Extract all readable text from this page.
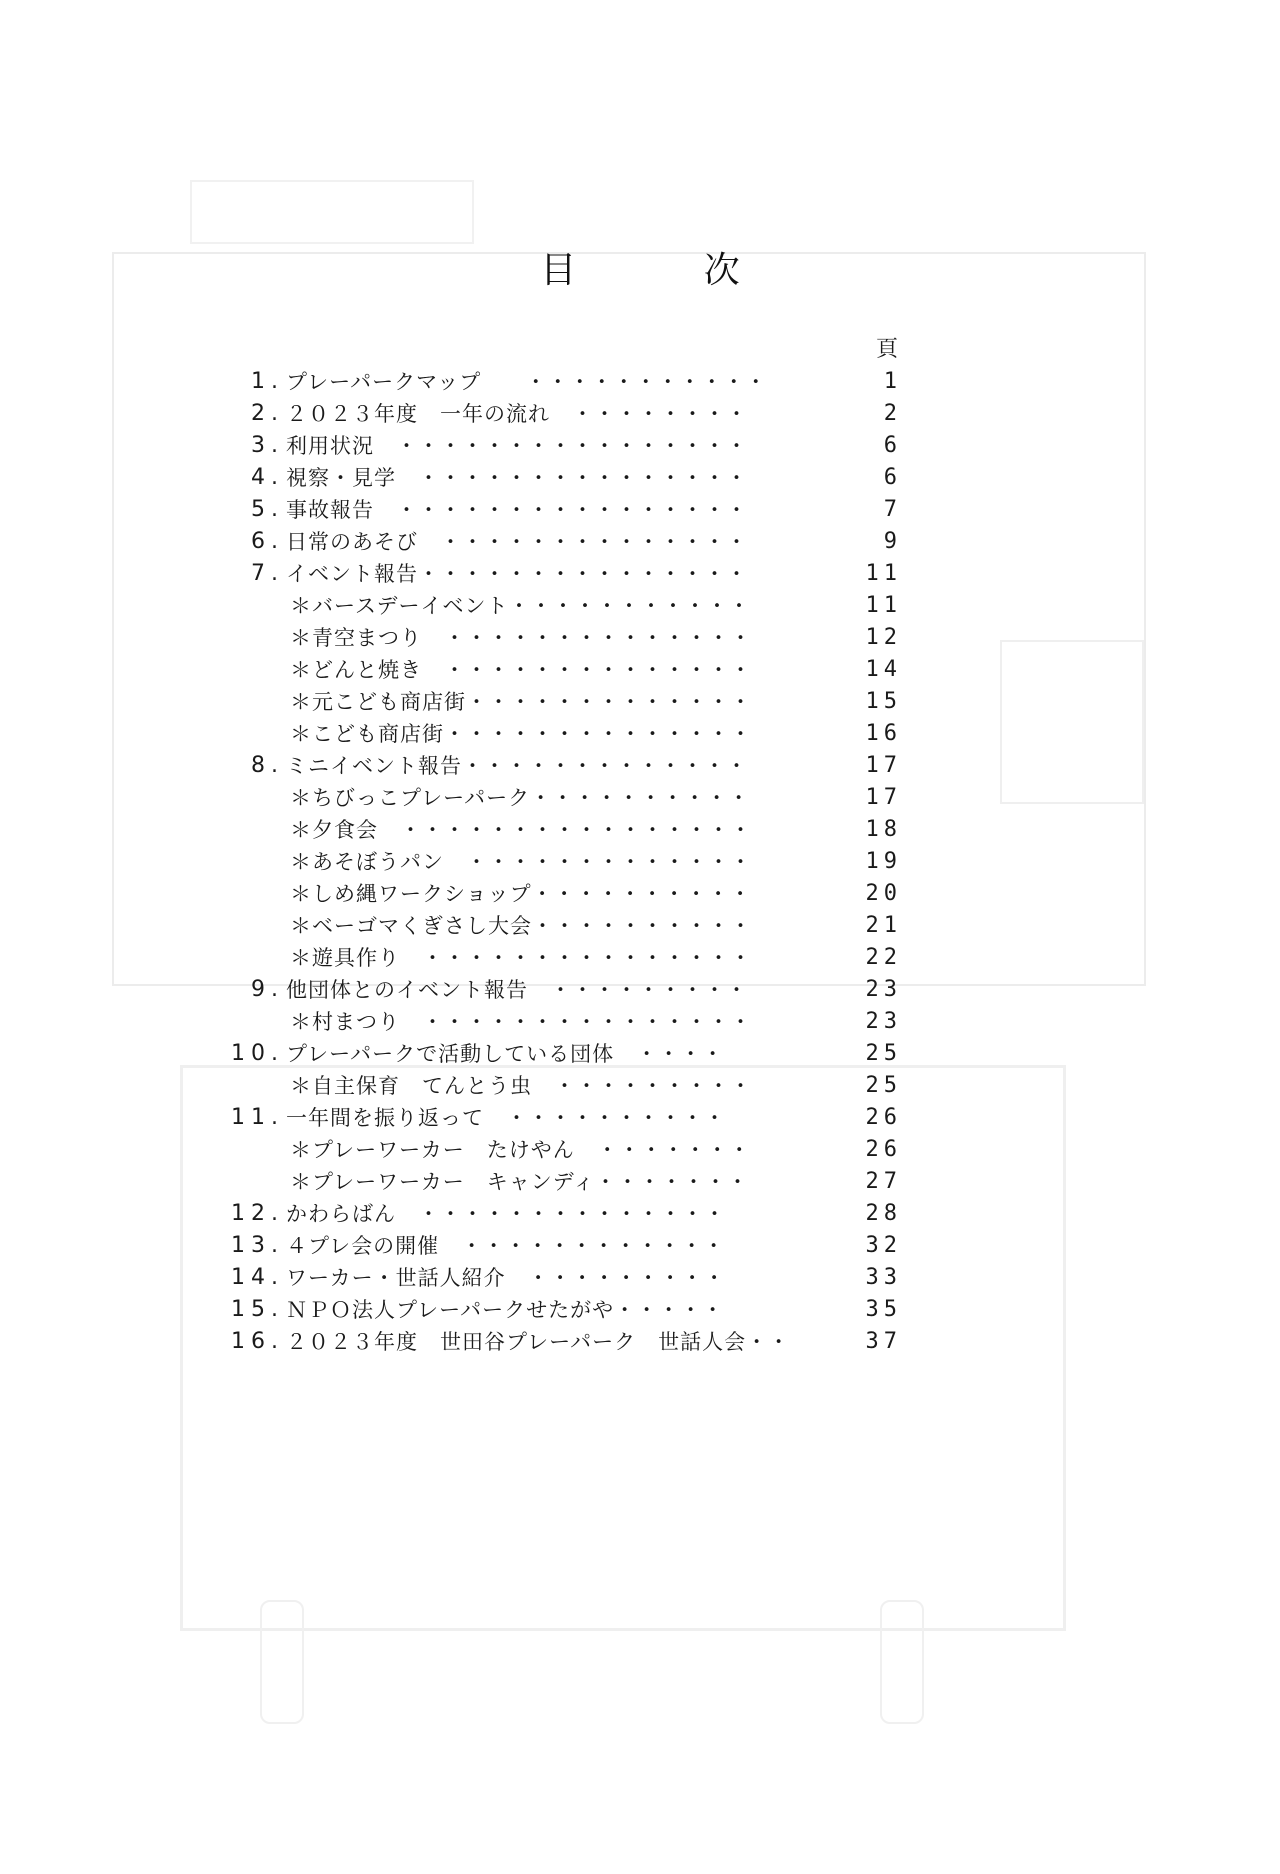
目 次
頁
1. プレーパークマップ　　・・・・・・・・・・・	1
2. ２０２３年度　一年の流れ　・・・・・・・・	2
3. 利用状況　・・・・・・・・・・・・・・・・	6
4. 視察・見学　・・・・・・・・・・・・・・・	6
5. 事故報告　・・・・・・・・・・・・・・・・	7
6. 日常のあそび　・・・・・・・・・・・・・・	9
7. イベント報告・・・・・・・・・・・・・・・	11
＊バースデーイベント・・・・・・・・・・・	11
＊青空まつり　・・・・・・・・・・・・・・	12
＊どんと焼き　・・・・・・・・・・・・・・	14
＊元こども商店街・・・・・・・・・・・・・	15
＊こども商店街・・・・・・・・・・・・・・	16
8. ミニイベント報告・・・・・・・・・・・・・	17
＊ちびっこプレーパーク・・・・・・・・・・	17
＊夕食会　・・・・・・・・・・・・・・・・	18
＊あそぼうパン　・・・・・・・・・・・・・	19
＊しめ縄ワークショップ・・・・・・・・・・	20
＊ベーゴマくぎさし大会・・・・・・・・・・	21
＊遊具作り　・・・・・・・・・・・・・・・	22
9. 他団体とのイベント報告　・・・・・・・・・	23
＊村まつり　・・・・・・・・・・・・・・・	23
10. プレーパークで活動している団体　・・・・	25
＊自主保育　てんとう虫　・・・・・・・・・	25
11. 一年間を振り返って　・・・・・・・・・・	26
＊プレーワーカー　たけやん　・・・・・・・	26
＊プレーワーカー　キャンディ・・・・・・・	27
12. かわらばん　・・・・・・・・・・・・・・	28
13. ４プレ会の開催　・・・・・・・・・・・・	32
14. ワーカー・世話人紹介　・・・・・・・・・	33
15. ＮＰＯ法人プレーパークせたがや・・・・・	35
16. ２０２３年度　世田谷プレーパーク　世話人会・・	37
